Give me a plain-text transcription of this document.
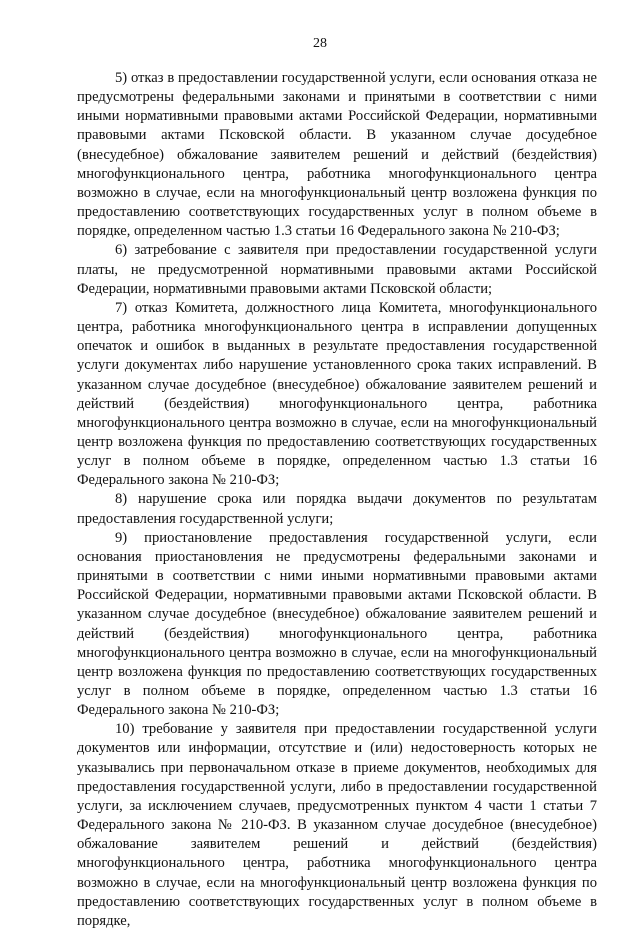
28

5) отказ в предоставлении государственной услуги, если основания отказа не предусмотрены федеральными законами и принятыми в соответствии с ними иными нормативными правовыми актами Российской Федерации, нормативными правовыми актами Псковской области. В указанном случае досудебное (внесудебное) обжалование заявителем решений и действий (бездействия) многофункционального центра, работника многофункционального центра возможно в случае, если на многофункциональный центр возложена функция по предоставлению соответствующих государственных услуг в полном объеме в порядке, определенном частью 1.3 статьи 16 Федерального закона № 210-ФЗ;

6) затребование с заявителя при предоставлении государственной услуги платы, не предусмотренной нормативными правовыми актами Российской Федерации, нормативными правовыми актами Псковской области;

7) отказ Комитета, должностного лица Комитета, многофункционального центра, работника многофункционального центра в исправлении допущенных опечаток и ошибок в выданных в результате предоставления государственной услуги документах либо нарушение установленного срока таких исправлений. В указанном случае досудебное (внесудебное) обжалование заявителем решений и действий (бездействия) многофункционального центра, работника многофункционального центра возможно в случае, если на многофункциональный центр возложена функция по предоставлению соответствующих государственных услуг в полном объеме в порядке, определенном частью 1.3 статьи 16 Федерального закона № 210-ФЗ;

8) нарушение срока или порядка выдачи документов по результатам предоставления государственной услуги;

9) приостановление предоставления государственной услуги, если основания приостановления не предусмотрены федеральными законами и принятыми в соответствии с ними иными нормативными правовыми актами Российской Федерации, нормативными правовыми актами Псковской области. В указанном случае досудебное (внесудебное) обжалование заявителем решений и действий (бездействия) многофункционального центра, работника многофункционального центра возможно в случае, если на многофункциональный центр возложена функция по предоставлению соответствующих государственных услуг в полном объеме в порядке, определенном частью 1.3 статьи 16 Федерального закона № 210-ФЗ;

10) требование у заявителя при предоставлении государственной услуги документов или информации, отсутствие и (или) недостоверность которых не указывались при первоначальном отказе в приеме документов, необходимых для предоставления государственной услуги, либо в предоставлении государственной услуги, за исключением случаев, предусмотренных пунктом 4 части 1 статьи 7 Федерального закона № 210-ФЗ. В указанном случае досудебное (внесудебное) обжалование заявителем решений и действий (бездействия) многофункционального центра, работника многофункционального центра возможно в случае, если на многофункциональный центр возложена функция по предоставлению соответствующих государственных услуг в полном объеме в порядке,
